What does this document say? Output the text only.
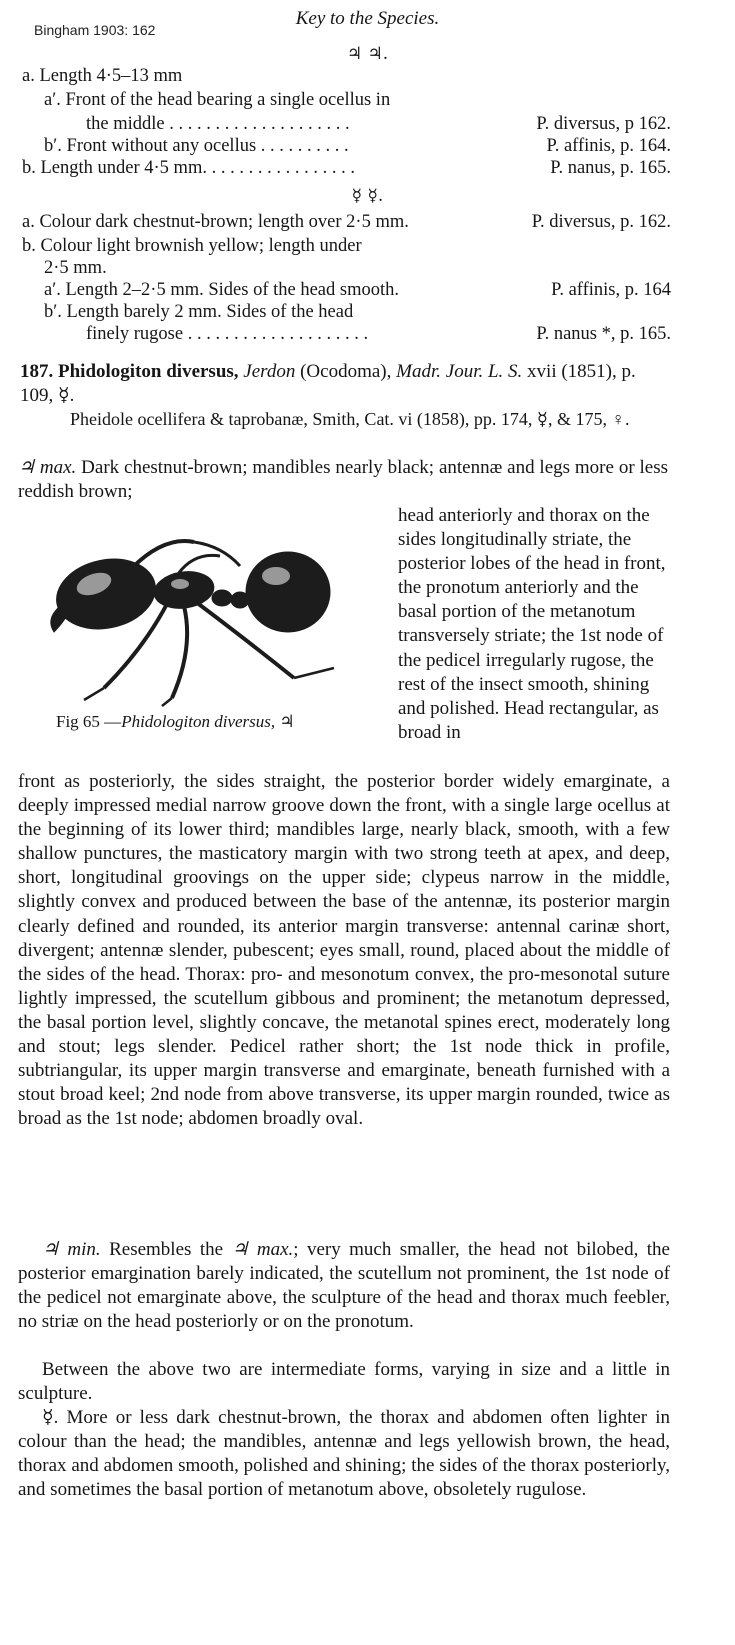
Bingham 1903: 162
Key to the Species.
♃ ♃.
a. Length 4·5–13 mm
a′. Front of the head bearing a single ocellus in
the middle . . . . . . . . . . . . . . . . . . . .	P. diversus, p 162.
b′. Front without any ocellus . . . . . . . . . .	P. affinis, p. 164.
b. Length under 4·5 mm. . . . . . . . . . . . . . . . .	P. nanus, p. 165.
☿ ☿.
a. Colour dark chestnut-brown; length over 2·5 mm.	P. diversus, p. 162.
b. Colour light brownish yellow; length under
2·5 mm.
a′. Length 2–2·5 mm. Sides of the head smooth.	P. affinis, p. 164
b′. Length barely 2 mm. Sides of the head
finely rugose . . . . . . . . . . . . . . . . . . . .	P. nanus *, p. 165.
187. Phidologiton diversus, Jerdon (Ocodoma), Madr. Jour. L. S. xvii (1851), p. 109, ☿.
Pheidole ocellifera & taprobanæ, Smith, Cat. vi (1858), pp. 174, ☿, & 175, ♀.
♃ max. Dark chestnut-brown; mandibles nearly black; antennæ and legs more or less reddish brown;
Fig 65 —Phidologiton diversus, ♃
head anteriorly and thorax on the sides longitudinally striate, the posterior lobes of the head in front, the pronotum anteriorly and the basal portion of the metanotum transversely striate; the 1st node of the pedicel irregularly rugose, the rest of the insect smooth, shining and polished. Head rectangular, as broad in
front as posteriorly, the sides straight, the posterior border widely emarginate, a deeply impressed medial narrow groove down the front, with a single large ocellus at the beginning of its lower third; mandibles large, nearly black, smooth, with a few shallow punctures, the masticatory margin with two strong teeth at apex, and deep, short, longitudinal groovings on the upper side; clypeus narrow in the middle, slightly convex and produced between the base of the antennæ, its posterior margin clearly defined and rounded, its anterior margin transverse: antennal carinæ short, divergent; antennæ slender, pubescent; eyes small, round, placed about the middle of the sides of the head. Thorax: pro- and mesonotum convex, the pro-mesonotal suture lightly impressed, the scutellum gibbous and prominent; the metanotum depressed, the basal portion level, slightly concave, the metanotal spines erect, moderately long and stout; legs slender. Pedicel rather short; the 1st node thick in profile, subtriangular, its upper margin transverse and emarginate, beneath furnished with a stout broad keel; 2nd node from above transverse, its upper margin rounded, twice as broad as the 1st node; abdomen broadly oval.
♃ min. Resembles the ♃ max.; very much smaller, the head not bilobed, the posterior emargination barely indicated, the scutellum not prominent, the 1st node of the pedicel not emarginate above, the sculpture of the head and thorax much feebler, no striæ on the head posteriorly or on the pronotum.
Between the above two are intermediate forms, varying in size and a little in sculpture.
☿. More or less dark chestnut-brown, the thorax and abdomen often lighter in colour than the head; the mandibles, antennæ and legs yellowish brown, the head, thorax and abdomen smooth, polished and shining; the sides of the thorax posteriorly, and sometimes the basal portion of metanotum above, obsoletely rugulose.
